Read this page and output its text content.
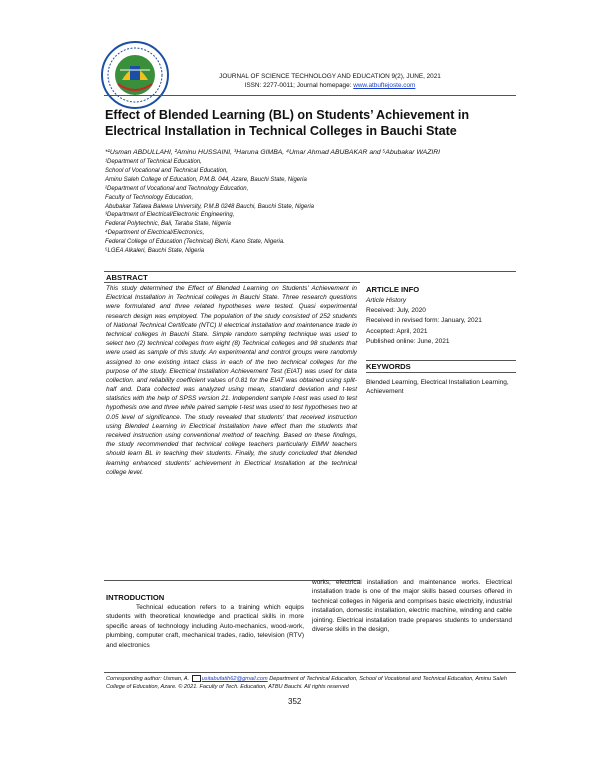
JOURNAL OF SCIENCE TECHNOLOGY AND EDUCATION 9(2), JUNE, 2021
ISSN: 2277-0011; Journal homepage: www.atbuftejoste.com
Effect of Blended Learning (BL) on Students’ Achievement in Electrical Installation in Technical Colleges in Bauchi State
*¹Usman ABDULLAHI, ²Aminu HUSSAINI, ³Haruna GIMBA, ⁴Umar Ahmad ABUBAKAR and ⁵Abubakar WAZIRI
¹Department of Technical Education,
School of Vocational and Technical Education,
Aminu Saleh College of Education, P.M.B. 044, Azare, Bauchi State, Nigeria
²Department of Vocational and Technology Education,
Faculty of Technology Education,
Abubakar Tafawa Balewa University, P.M.B 0248 Bauchi, Bauchi State, Nigeria
³Department of Electrical/Electronic Engineering,
Federal Polytechnic, Bali, Taraba State, Nigeria
⁴Department of Electrical/Electronics,
Federal College of Education (Technical) Bichi, Kano State, Nigeria.
⁵LGEA Alkaleri, Bauchi State, Nigeria
ABSTRACT
This study determined the Effect of Blended Learning on Students’ Achievement in Electrical Installation in Technical colleges in Bauchi State. Three research questions were formulated and three related hypotheses were tested. Quasi experimental research design was employed. The population of the study consisted of 252 students of National Technical Certificate (NTC) II electrical installation and maintenance trade in technical colleges in Bauchi State. Simple random sampling technique was used to select two (2) technical colleges from eight (8) Technical colleges and 98 students that were used as sample of this study. An experimental and control groups were randomly assigned to one existing intact class in each of the two technical colleges for the purpose of the study. Electrical Installation Achievement Test (EIAT) was used for data collection. and reliability coefficient values of 0.81 for the EIAT was obtained using split-half and. Data collected was analyzed using mean, standard deviation and t-test statistics with the help of SPSS version 21. Independent sample t-test was used to test hypothesis one and three while paired sample t-test was used to test hypotheses two at 0.05 level of significance. The study revealed that students’ that received instruction using Blended Learning in Electrical Installation have effect than the students that received instruction using conventional method of teaching. Based on these findings, the study recommended that technical college teachers particularly EIMW teachers should learn BL in teaching their students. Finally, the study concluded that blended learning enhanced students’ achievement in Electrical Installation at the technical college level.
ARTICLE INFO
Article History
Received: July, 2020
Received in revised form: January, 2021
Accepted: April, 2021
Published online: June, 2021
KEYWORDS
Blended Learning, Electrical Installation Learning, Achievement
INTRODUCTION
Technical education refers to a training which equips students with theoretical knowledge and practical skills in more specific areas of technology including Auto-mechanics, wood-work, plumbing, computer craft, mechanical trades, radio, television (RTV) and electronics
works, electrical installation and maintenance works. Electrical installation trade is one of the major skills based courses offered in technical colleges in Nigeria and comprises basic electricity, industrial installation, domestic installation, electric machine, winding and cable jointing. Electrical installation trade prepares students to understand diverse skills in the design,
Corresponding author: Usman, A. usitabufatih62@gmail.com Department of Technical Education, School of Vocational and Technical Education, Aminu Saleh College of Education, Azare. © 2021. Faculty of Tech. Education, ATBU Bauchi. All rights reserved
352
